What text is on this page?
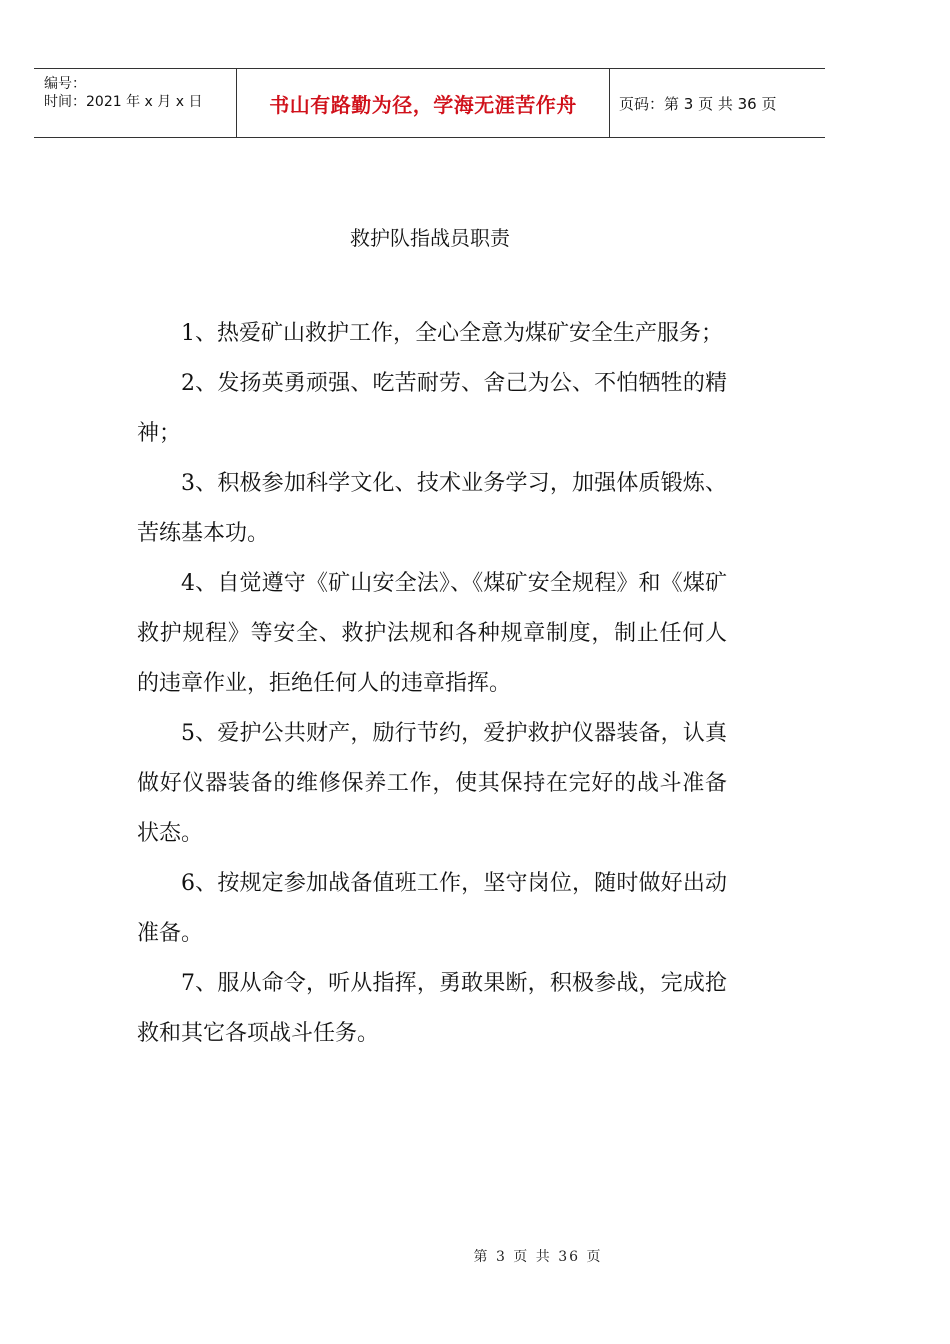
编号：
时间：2021 年 x 月 x 日	书山有路勤为径，学海无涯苦作舟	页码：第 3 页 共 36 页
救护队指战员职责

1、热爱矿山救护工作，全心全意为煤矿安全生产服务；

2、发扬英勇顽强、吃苦耐劳、舍己为公、不怕牺牲的精神；

3、积极参加科学文化、技术业务学习，加强体质锻炼、苦练基本功。

4、自觉遵守《矿山安全法》、《煤矿安全规程》和《煤矿救护规程》等安全、救护法规和各种规章制度，制止任何人的违章作业，拒绝任何人的违章指挥。

5、爱护公共财产，励行节约，爱护救护仪器装备，认真做好仪器装备的维修保养工作，使其保持在完好的战斗准备状态。

6、按规定参加战备值班工作，坚守岗位，随时做好出动准备。

7、服从命令，听从指挥，勇敢果断，积极参战，完成抢救和其它各项战斗任务。

第 3 页 共 36 页
